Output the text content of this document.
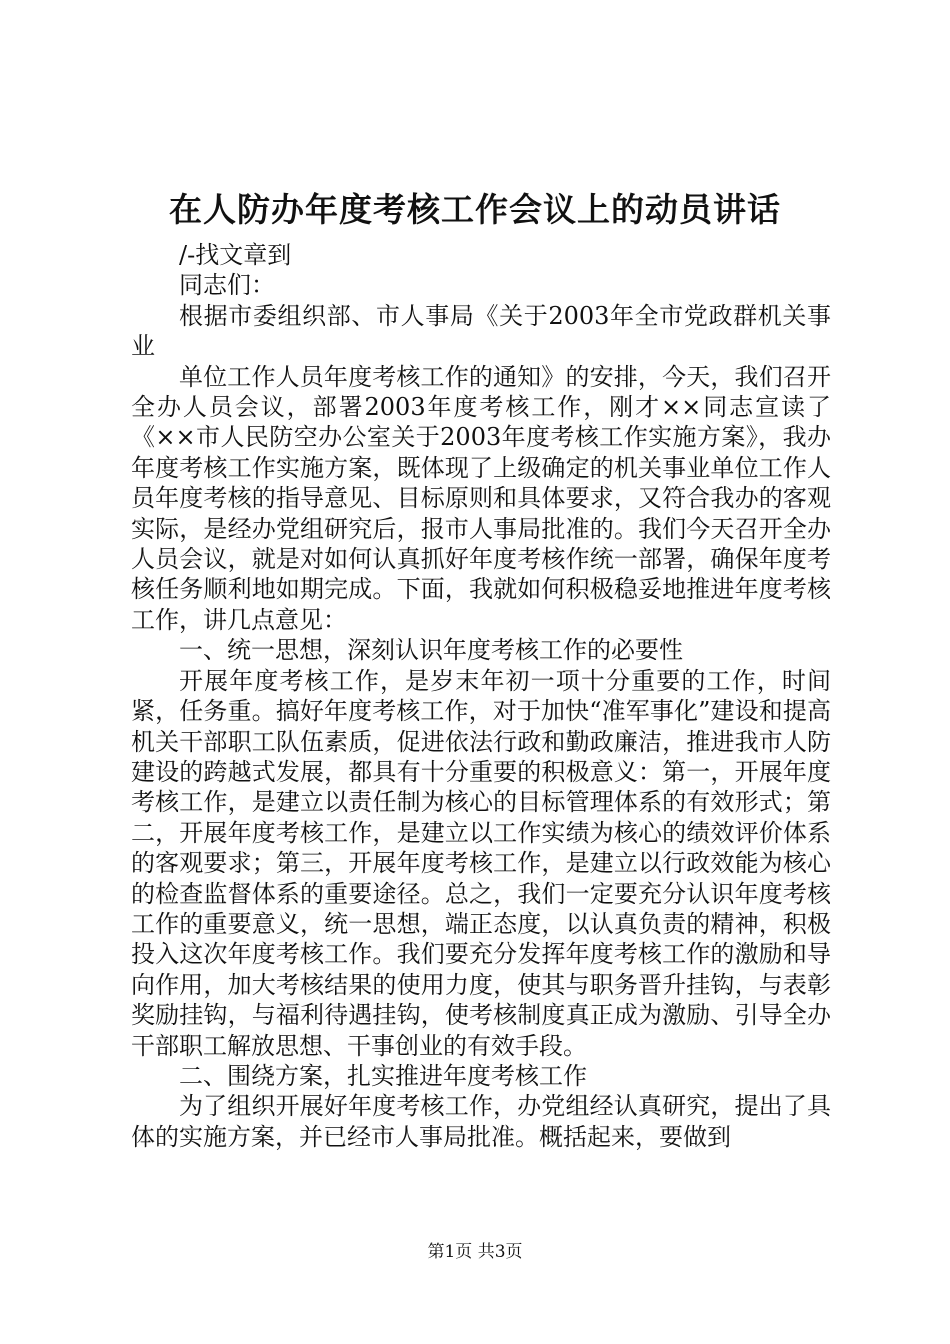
在人防办年度考核工作会议上的动员讲话

/-找文章到

同志们：

根据市委组织部、市人事局《关于2003年全市党政群机关事业

单位工作人员年度考核工作的通知》的安排，今天，我们召开全办人员会议，部署2003年度考核工作，刚才××同志宣读了《××市人民防空办公室关于2003年度考核工作实施方案》，我办年度考核工作实施方案，既体现了上级确定的机关事业单位工作人员年度考核的指导意见、目标原则和具体要求，又符合我办的客观实际，是经办党组研究后，报市人事局批准的。我们今天召开全办人员会议，就是对如何认真抓好年度考核作统一部署，确保年度考核任务顺利地如期完成。下面，我就如何积极稳妥地推进年度考核工作，讲几点意见：

一、统一思想，深刻认识年度考核工作的必要性

开展年度考核工作，是岁末年初一项十分重要的工作，时间紧，任务重。搞好年度考核工作，对于加快“准军事化”建设和提高机关干部职工队伍素质，促进依法行政和勤政廉洁，推进我市人防建设的跨越式发展，都具有十分重要的积极意义：第一，开展年度考核工作，是建立以责任制为核心的目标管理体系的有效形式；第二，开展年度考核工作，是建立以工作实绩为核心的绩效评价体系的客观要求；第三，开展年度考核工作，是建立以行政效能为核心的检查监督体系的重要途径。总之，我们一定要充分认识年度考核工作的重要意义，统一思想，端正态度，以认真负责的精神，积极投入这次年度考核工作。我们要充分发挥年度考核工作的激励和导向作用，加大考核结果的使用力度，使其与职务晋升挂钩，与表彰奖励挂钩，与福利待遇挂钩，使考核制度真正成为激励、引导全办干部职工解放思想、干事创业的有效手段。

二、围绕方案，扎实推进年度考核工作

为了组织开展好年度考核工作，办党组经认真研究，提出了具体的实施方案，并已经市人事局批准。概括起来，要做到

第1页 共3页
